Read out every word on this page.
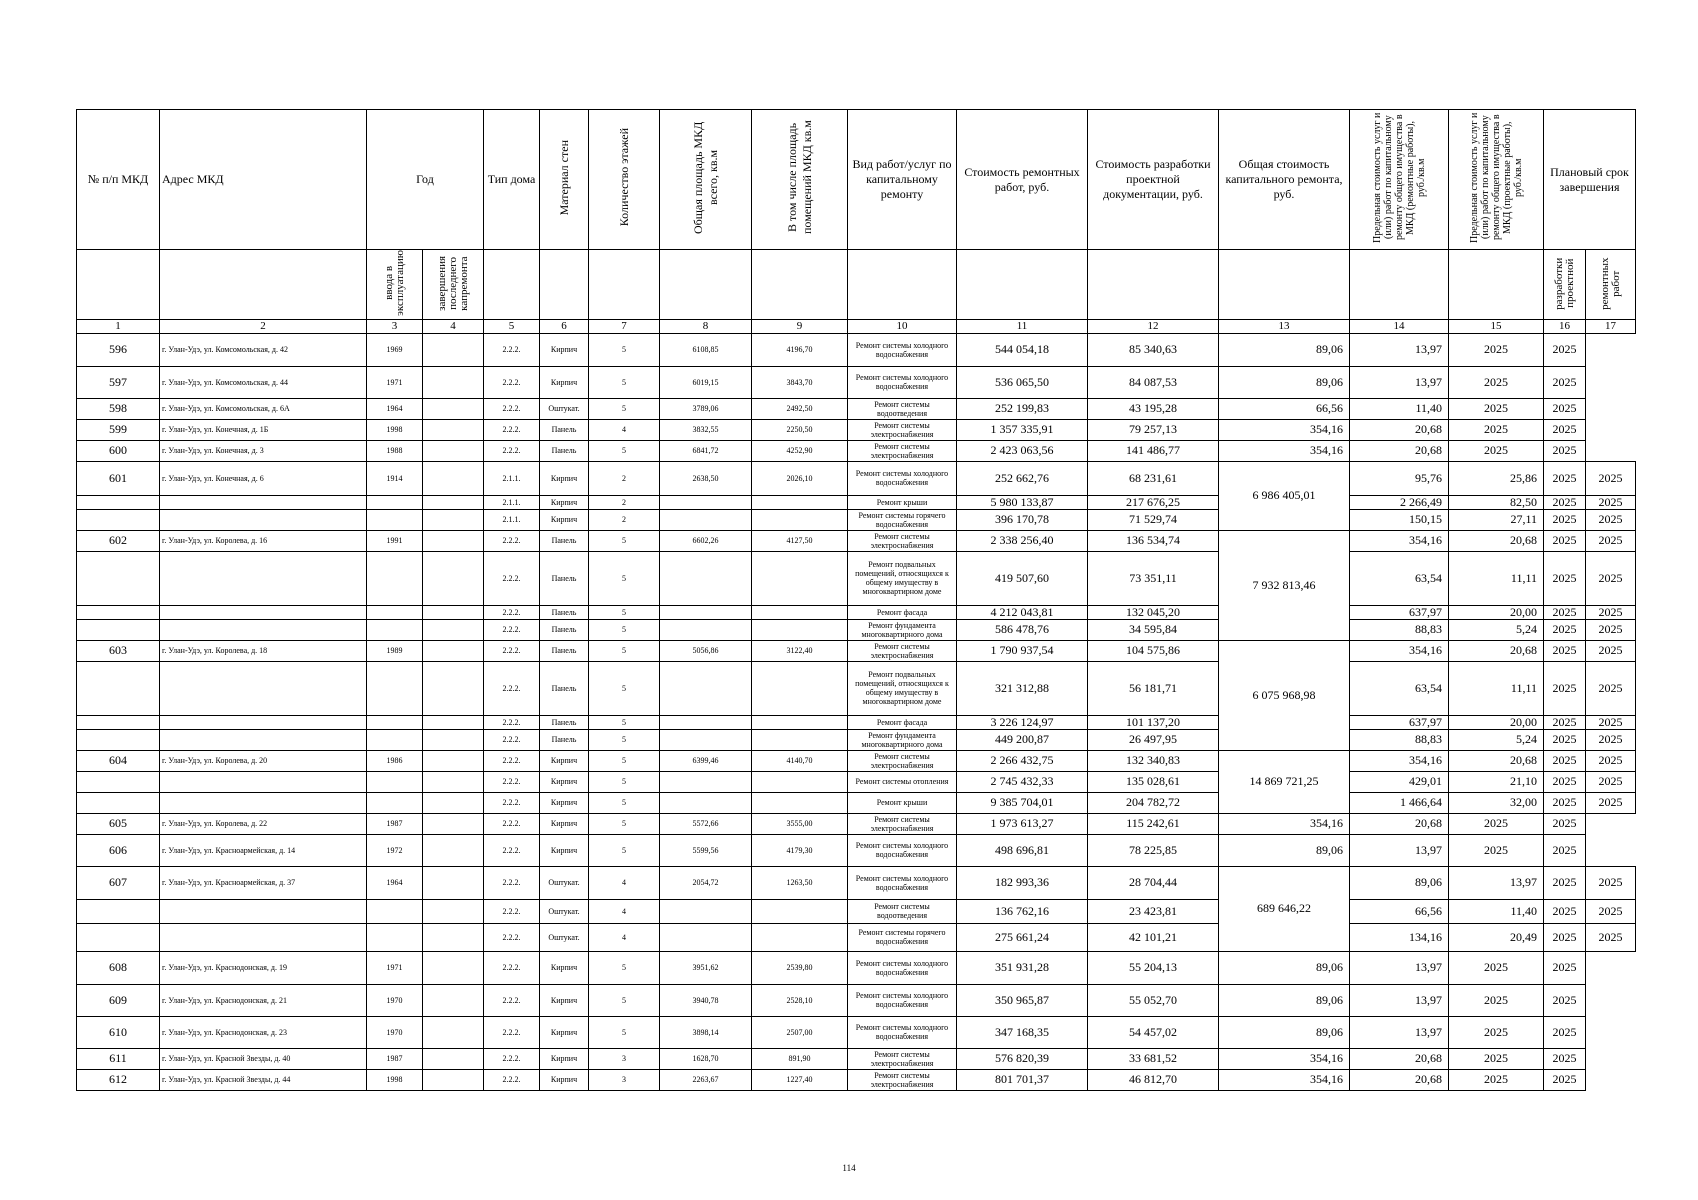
№ п/п МКД	Адрес МКД	Год		Тип дома	Материал стен	Количество этажей	Общая площадь МКД всего, кв.м	В том числе площадь помещений МКД кв.м	Вид работ/услуг по капитальному ремонту	Стоимость ремонтных работ, руб.	Стоимость разработки проектной документации, руб.	Общая стоимость капитального ремонта, руб.	Предельная стоимость услуг и (или) работ по капитальному ремонту общего имущества в МКД (ремонтные работы), руб./кв.м	Предельная стоимость услуг и (или) работ по капитальному ремонту общего имущества в МКД (проектные работы), руб./кв.м	Плановый срок завершения	
		ввода в эксплуатацию	завершения последнего капремонта												разработки проектной	ремонтных работ
1	2	3	4	5	6	7	8	9	10	11	12	13	14	15	16	17
596	г. Улан-Удэ, ул. Комсомольская, д. 42	1969		2.2.2.	Кирпич	5	6108,85	4196,70	Ремонт системы холодного водоснабжения	544 054,18	85 340,63	89,06	13,97	2025	2025	
597	г. Улан-Удэ, ул. Комсомольская, д. 44	1971		2.2.2.	Кирпич	5	6019,15	3843,70	Ремонт системы холодного водоснабжения	536 065,50	84 087,53	89,06	13,97	2025	2025	
598	г. Улан-Удэ, ул. Комсомольская, д. 6А	1964		2.2.2.	Оштукат.	5	3789,06	2492,50	Ремонт системы водоотведения	252 199,83	43 195,28	66,56	11,40	2025	2025	
599	г. Улан-Удэ, ул. Конечная, д. 1Б	1998		2.2.2.	Панель	4	3832,55	2250,50	Ремонт системы электроснабжения	1 357 335,91	79 257,13	354,16	20,68	2025	2025	
600	г. Улан-Удэ, ул. Конечная, д. 3	1988		2.2.2.	Панель	5	6841,72	4252,90	Ремонт системы электроснабжения	2 423 063,56	141 486,77	354,16	20,68	2025	2025	
601	г. Улан-Удэ, ул. Конечная, д. 6	1914		2.1.1.	Кирпич	2	2638,50	2026,10	Ремонт системы холодного водоснабжения	252 662,76	68 231,61	6 986 405,01	95,76	25,86	2025	2025
				2.1.1.	Кирпич	2			Ремонт крыши	5 980 133,87	217 676,25		2 266,49	82,50	2025	2025
				2.1.1.	Кирпич	2			Ремонт системы горячего водоснабжения	396 170,78	71 529,74		150,15	27,11	2025	2025
602	г. Улан-Удэ, ул. Королева, д. 16	1991		2.2.2.	Панель	5	6602,26	4127,50	Ремонт системы электроснабжения	2 338 256,40	136 534,74	7 932 813,46	354,16	20,68	2025	2025
				2.2.2.	Панель	5			Ремонт подвальных помещений, относящихся к общему имуществу в многоквартирном доме	419 507,60	73 351,11		63,54	11,11	2025	2025
				2.2.2.	Панель	5			Ремонт фасада	4 212 043,81	132 045,20		637,97	20,00	2025	2025
				2.2.2.	Панель	5			Ремонт фундамента многоквартирного дома	586 478,76	34 595,84		88,83	5,24	2025	2025
603	г. Улан-Удэ, ул. Королева, д. 18	1989		2.2.2.	Панель	5	5056,86	3122,40	Ремонт системы электроснабжения	1 790 937,54	104 575,86	6 075 968,98	354,16	20,68	2025	2025
				2.2.2.	Панель	5			Ремонт подвальных помещений, относящихся к общему имуществу в многоквартирном доме	321 312,88	56 181,71		63,54	11,11	2025	2025
				2.2.2.	Панель	5			Ремонт фасада	3 226 124,97	101 137,20		637,97	20,00	2025	2025
				2.2.2.	Панель	5			Ремонт фундамента многоквартирного дома	449 200,87	26 497,95		88,83	5,24	2025	2025
604	г. Улан-Удэ, ул. Королева, д. 20	1986		2.2.2.	Кирпич	5	6399,46	4140,70	Ремонт системы электроснабжения	2 266 432,75	132 340,83	14 869 721,25	354,16	20,68	2025	2025
				2.2.2.	Кирпич	5			Ремонт системы отопления	2 745 432,33	135 028,61		429,01	21,10	2025	2025
				2.2.2.	Кирпич	5			Ремонт крыши	9 385 704,01	204 782,72		1 466,64	32,00	2025	2025
605	г. Улан-Удэ, ул. Королева, д. 22	1987		2.2.2.	Кирпич	5	5572,66	3555,00	Ремонт системы электроснабжения	1 973 613,27	115 242,61	354,16	20,68	2025	2025	
606	г. Улан-Удэ, ул. Красноармейская, д. 14	1972		2.2.2.	Кирпич	5	5599,56	4179,30	Ремонт системы холодного водоснабжения	498 696,81	78 225,85	89,06	13,97	2025	2025	
607	г. Улан-Удэ, ул. Красноармейская, д. 37	1964		2.2.2.	Оштукат.	4	2054,72	1263,50	Ремонт системы холодного водоснабжения	182 993,36	28 704,44	689 646,22	89,06	13,97	2025	2025
				2.2.2.	Оштукат.	4			Ремонт системы водоотведения	136 762,16	23 423,81		66,56	11,40	2025	2025
				2.2.2.	Оштукат.	4			Ремонт системы горячего водоснабжения	275 661,24	42 101,21		134,16	20,49	2025	2025
608	г. Улан-Удэ, ул. Краснодонская, д. 19	1971		2.2.2.	Кирпич	5	3951,62	2539,80	Ремонт системы холодного водоснабжения	351 931,28	55 204,13	89,06	13,97	2025	2025	
609	г. Улан-Удэ, ул. Краснодонская, д. 21	1970		2.2.2.	Кирпич	5	3940,78	2528,10	Ремонт системы холодного водоснабжения	350 965,87	55 052,70	89,06	13,97	2025	2025	
610	г. Улан-Удэ, ул. Краснодонская, д. 23	1970		2.2.2.	Кирпич	5	3898,14	2507,00	Ремонт системы холодного водоснабжения	347 168,35	54 457,02	89,06	13,97	2025	2025	
611	г. Улан-Удэ, ул. Красной Звезды, д. 40	1987		2.2.2.	Кирпич	3	1628,70	891,90	Ремонт системы электроснабжения	576 820,39	33 681,52	354,16	20,68	2025	2025	
612	г. Улан-Удэ, ул. Красной Звезды, д. 44	1998		2.2.2.	Кирпич	3	2263,67	1227,40	Ремонт системы электроснабжения	801 701,37	46 812,70	354,16	20,68	2025	2025	
114
